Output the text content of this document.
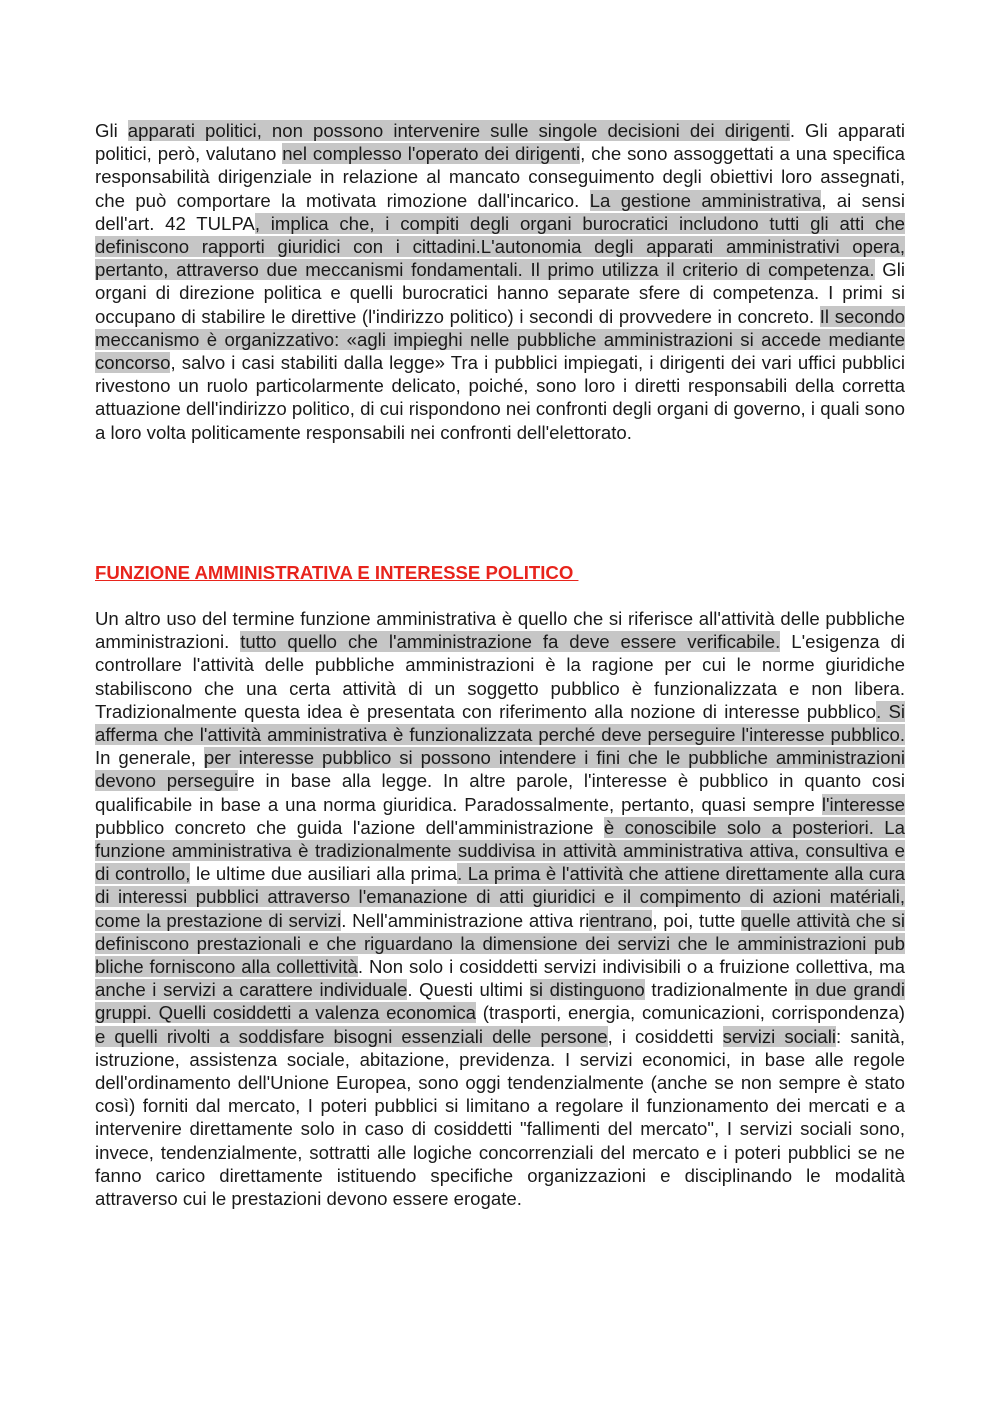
Gli apparati politici, non possono intervenire sulle singole decisioni dei dirigenti. Gli apparati politici, però, valutano nel complesso l'operato dei dirigenti, che sono assoggettati a una specifica responsabilità dirigenziale in relazione al mancato conseguimento degli obiettivi loro assegnati, che può comportare la motivata rimozione dall'incarico. La gestione amministrativa, ai sensi dell'art. 42 TULPA, implica che, i compiti degli organi burocratici includono tutti gli atti che definiscono rapporti giuridici con i cittadini.L'autonomia degli apparati amministrativi opera, pertanto, attraverso due meccanismi fondamentali. Il primo utilizza il criterio di competenza. Gli organi di direzione politica e quelli burocratici hanno separate sfere di competenza. I primi si occupano di stabilire le direttive (l'indirizzo politico) i secondi di provvedere in concreto. Il secondo meccanismo è organizzativo: «agli impieghi nelle pubbliche amministrazioni si accede mediante concorso, salvo i casi stabiliti dalla legge» Tra i pubblici impiegati, i dirigenti dei vari uffici pubblici rivestono un ruolo particolarmente delicato, poiché, sono loro i diretti responsabili della corretta attuazione dell'indirizzo politico, di cui rispondono nei confronti degli organi di governo, i quali sono a loro volta politicamente responsabili nei confronti dell'elettorato.

FUNZIONE AMMINISTRATIVA E INTERESSE POLITICO

Un altro uso del termine funzione amministrativa è quello che si riferisce all'attività delle pubbliche amministrazioni. tutto quello che l'amministrazione fa deve essere verificabile. L'esigenza di controllare l'attività delle pubbliche amministrazioni è la ragione per cui le norme giuridiche stabiliscono che una certa attività di un soggetto pubblico è funzionalizzata e non libera. Tradizionalmente questa idea è presentata con riferimento alla nozione di interesse pubblico. Si afferma che l'attività amministrativa è funzionalizzata perché deve perseguire l'interesse pubblico. In generale, per interesse pubblico si possono intendere i fini che le pubbliche amministrazioni devono perseguire in base alla legge. In altre parole, l'interesse è pubblico in quanto cosi qualificabile in base a una norma giuridica. Paradossalmente, pertanto, quasi sempre l'interesse pubblico concreto che guida l'azione dell'amministrazione è conoscibile solo a posteriori. La funzione amministrativa è tradizionalmente suddivisa in attività amministrativa attiva, consultiva e di controllo, le ultime due ausiliari alla prima. La prima è l'attività che attiene direttamente alla cura di interessi pubblici attraverso l'emanazione di atti giuridici e il compimento di azioni matériali, come la prestazione di servizi. Nell'amministrazione attiva rientrano, poi, tutte quelle attività che si definiscono prestazionali e che riguardano la dimensione dei servizi che le amministrazioni pub bliche forniscono alla collettività. Non solo i cosiddetti servizi indivisibili o a fruizione collettiva, ma anche i servizi a carattere individuale. Questi ultimi si distinguono tradizionalmente in due grandi gruppi. Quelli cosiddetti a valenza economica (trasporti, energia, comunicazioni, corrispondenza) e quelli rivolti a soddisfare bisogni essenziali delle persone, i cosiddetti servizi sociali: sanità, istruzione, assistenza sociale, abitazione, previdenza. I servizi economici, in base alle regole dell'ordinamento dell'Unione Europea, sono oggi tendenzialmente (anche se non sempre è stato così) forniti dal mercato, I poteri pubblici si limitano a regolare il funzionamento dei mercati e a intervenire direttamente solo in caso di cosiddetti "fallimenti del mercato", I servizi sociali sono, invece, tendenzialmente, sottratti alle logiche concorrenziali del mercato e i poteri pubblici se ne fanno carico direttamente istituendo specifiche organizzazioni e disciplinando le modalità attraverso cui le prestazioni devono essere erogate.
